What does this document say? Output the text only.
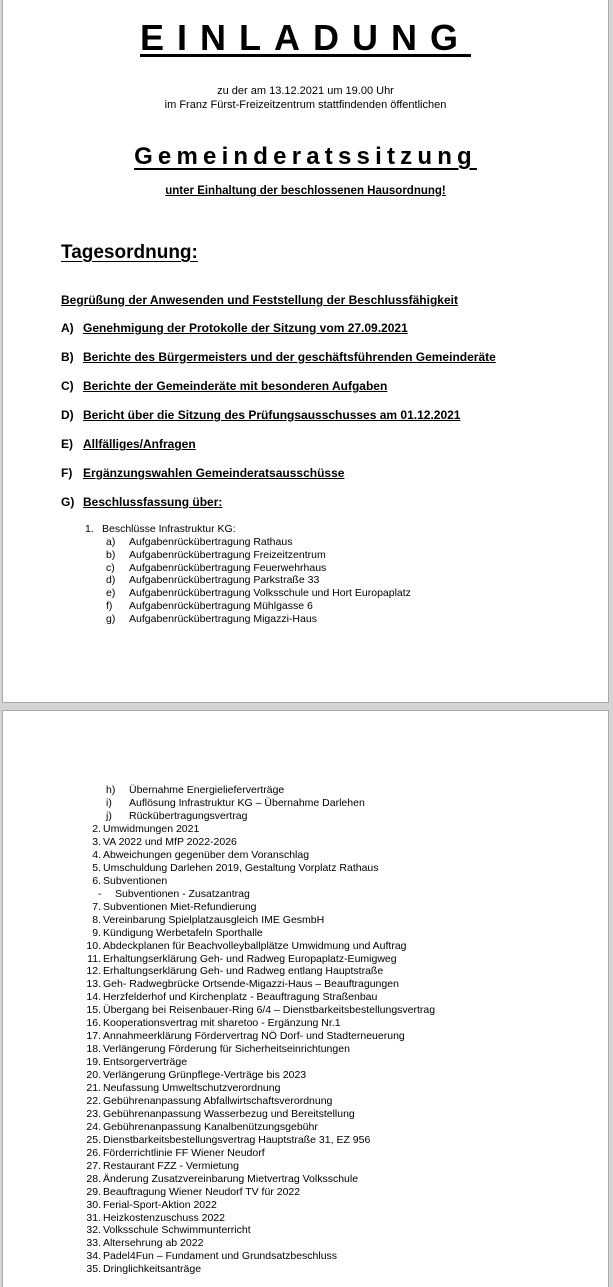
EINLADUNG
zu der am 13.12.2021 um 19.00 Uhr
im Franz Fürst-Freizeitzentrum stattfindenden öffentlichen
Gemeinderatssitzung
unter Einhaltung der beschlossenen Hausordnung!
Tagesordnung:
Begrüßung der Anwesenden und Feststellung der Beschlussfähigkeit
A) Genehmigung der Protokolle der Sitzung vom 27.09.2021
B) Berichte des Bürgermeisters und der geschäftsführenden Gemeinderäte
C) Berichte der Gemeinderäte mit besonderen Aufgaben
D) Bericht über die Sitzung des Prüfungsausschusses am 01.12.2021
E) Allfälliges/Anfragen
F) Ergänzungswahlen Gemeinderatsausschüsse
G) Beschlussfassung über:
1. Beschlüsse Infrastruktur KG:
a) Aufgabenrückübertragung Rathaus
b) Aufgabenrückübertragung Freizeitzentrum
c) Aufgabenrückübertragung Feuerwehrhaus
d) Aufgabenrückübertragung Parkstraße 33
e) Aufgabenrückübertragung Volksschule und Hort Europaplatz
f) Aufgabenrückübertragung Mühlgasse 6
g) Aufgabenrückübertragung Migazzi-Haus
h) Übernahme Energielieferverträge
i) Auflösung Infrastruktur KG – Übernahme Darlehen
j) Rückübertragungsvertrag
2. Umwidmungen 2021
3. VA 2022 und MfP 2022-2026
4. Abweichungen gegenüber dem Voranschlag
5. Umschuldung Darlehen 2019, Gestaltung Vorplatz Rathaus
6. Subventionen
- Subventionen - Zusatzantrag
7. Subventionen Miet-Refundierung
8. Vereinbarung Spielplatzausgleich IME GesmbH
9. Kündigung Werbetafeln Sporthalle
10. Abdeckplanen für Beachvolleyballplätze Umwidmung und Auftrag
11. Erhaltungserklärung Geh- und Radweg Europaplatz-Eumigweg
12. Erhaltungserklärung Geh- und Radweg entlang Hauptstraße
13. Geh- Radwegbrücke Ortsende-Migazzi-Haus – Beauftragungen
14. Herzfelderhof und Kirchenplatz - Beauftragung Straßenbau
15. Übergang bei Reisenbauer-Ring 6/4 – Dienstbarkeitsbestellungsvertrag
16. Kooperationsvertrag mit sharetoo - Ergänzung Nr.1
17. Annahmeerklärung Fördervertrag NÖ Dorf- und Stadterneuerung
18. Verlängerung Förderung für Sicherheitseinrichtungen
19. Entsorgerverträge
20. Verlängerung Grünpflege-Verträge bis 2023
21. Neufassung Umweltschutzverordnung
22. Gebührenanpassung Abfallwirtschaftsverordnung
23. Gebührenanpassung Wasserbezug und Bereitstellung
24. Gebührenanpassung Kanalbenützungsgebühr
25. Dienstbarkeitsbestellungsvertrag Hauptstraße 31, EZ 956
26. Förderrichtlinie FF Wiener Neudorf
27. Restaurant FZZ - Vermietung
28. Änderung Zusatzvereinbarung Mietvertrag Volksschule
29. Beauftragung Wiener Neudorf TV für 2022
30. Ferial-Sport-Aktion 2022
31. Heizkostenzuschuss 2022
32. Volksschule Schwimmunterricht
33. Altersehrung ab 2022
34. Padel4Fun – Fundament und Grundsatzbeschluss
35. Dringlichkeitsanträge
